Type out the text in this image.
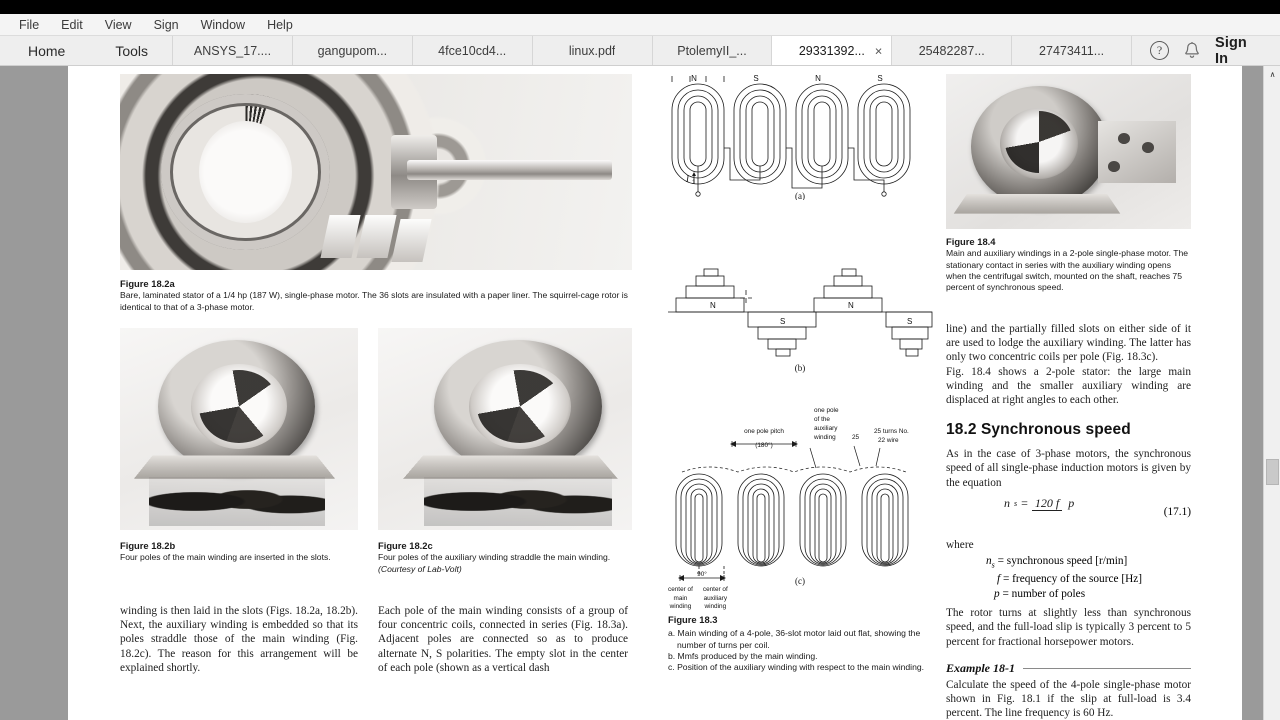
File	Edit	View	Sign	Window	Help
Home	Tools	ANSYS_17....	gangupom...	4fce10cd4...	linux.pdf	PtolemyII_...	29331392... ×	25482287...	27473411...	?	Sign In
Figure 18.2a
Bare, laminated stator of a 1/4 hp (187 W), single-phase motor. The 36 slots are insulated with a paper liner. The squirrel-cage rotor is identical to that of a 3-phase motor.
Figure 18.2b
Four poles of the main winding are inserted in the slots.
Figure 18.2c
Four poles of the auxiliary winding straddle the main winding.
(Courtesy of Lab-Volt)

winding is then laid in the slots (Figs. 18.2a, 18.2b). Next, the auxiliary winding is embedded so that its poles straddle those of the main winding (Fig. 18.2c). The reason for this arrangement will be explained shortly.

Each pole of the main winding consists of a group of four concentric coils, connected in series (Fig. 18.3a). Adjacent poles are connected so as to produce alternate N, S polarities. The empty slot in the center of each pole (shown as a vertical dash

N	S	N	S
I 1
(a)
N
S
N
S
(b)
one pole pitch
(180°)
one pole
of the
auxiliary
winding	25
25 turns No.
22 wire
90°
(c)
center of
main
winding
center of
auxiliary
winding
Figure 18.3
a. Main winding of a 4-pole, 36-slot motor laid out flat, showing the number of turns per coil.
b. Mmfs produced by the main winding.
c. Position of the auxiliary winding with respect to the main winding.
Figure 18.4
Main and auxiliary windings in a 2-pole single-phase motor. The stationary contact in series with the auxiliary winding opens when the centrifugal switch, mounted on the shaft, reaches 75 percent of synchronous speed.

line) and the partially filled slots on either side of it are used to lodge the auxiliary winding. The latter has only two concentric coils per pole (Fig. 18.3c).

Fig. 18.4 shows a 2-pole stator: the large main winding and the smaller auxiliary winding are displaced at right angles to each other.

18.2 Synchronous speed

As in the case of 3-phase motors, the synchronous speed of all single-phase induction motors is given by the equation

n s = 120 f p
(17.1)
where
$n_s$ = synchronous speed [r/min]
f = frequency of the source [Hz]
p = number of poles

The rotor turns at slightly less than synchronous speed, and the full-load slip is typically 3 percent to 5 percent for fractional horsepower motors.

Example 18-1

Calculate the speed of the 4-pole single-phase motor shown in Fig. 18.1 if the slip at full-load is 3.4 percent. The line frequency is 60 Hz.

∧
